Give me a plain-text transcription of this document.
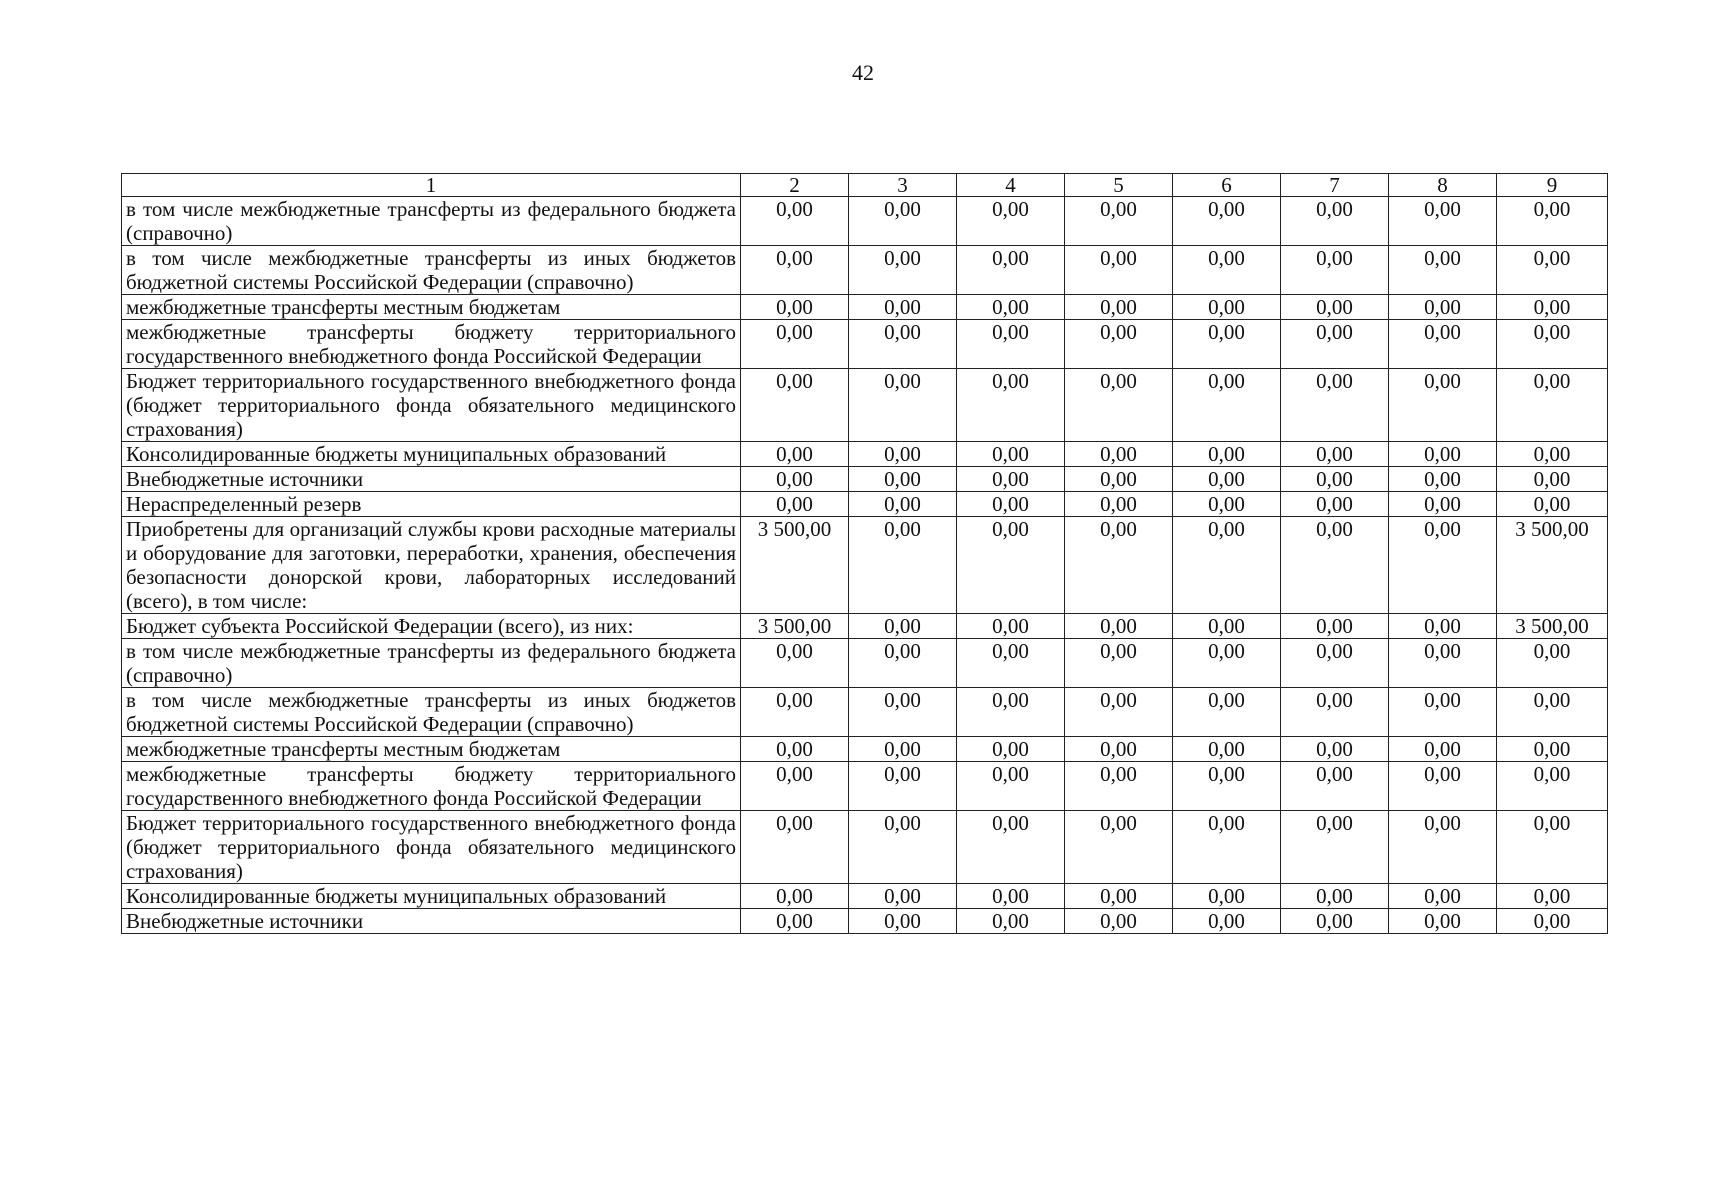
42
1	2	3	4	5	6	7	8	9
в том числе межбюджетные трансферты из федерального бюджета (справочно)	0,00	0,00	0,00	0,00	0,00	0,00	0,00	0,00
в том числе межбюджетные трансферты из иных бюджетов бюджетной системы Российской Федерации (справочно)	0,00	0,00	0,00	0,00	0,00	0,00	0,00	0,00
межбюджетные трансферты местным бюджетам	0,00	0,00	0,00	0,00	0,00	0,00	0,00	0,00
межбюджетные трансферты бюджету территориального государственного внебюджетного фонда Российской Федерации	0,00	0,00	0,00	0,00	0,00	0,00	0,00	0,00
Бюджет территориального государственного внебюджетного фонда (бюджет территориального фонда обязательного медицинского страхования)	0,00	0,00	0,00	0,00	0,00	0,00	0,00	0,00
Консолидированные бюджеты муниципальных образований	0,00	0,00	0,00	0,00	0,00	0,00	0,00	0,00
Внебюджетные источники	0,00	0,00	0,00	0,00	0,00	0,00	0,00	0,00
Нераспределенный резерв	0,00	0,00	0,00	0,00	0,00	0,00	0,00	0,00
Приобретены для организаций службы крови расходные материалы и оборудование для заготовки, переработки, хранения, обеспечения безопасности донорской крови, лабораторных исследований (всего), в том числе:	3 500,00	0,00	0,00	0,00	0,00	0,00	0,00	3 500,00
Бюджет субъекта Российской Федерации (всего), из них:	3 500,00	0,00	0,00	0,00	0,00	0,00	0,00	3 500,00
в том числе межбюджетные трансферты из федерального бюджета (справочно)	0,00	0,00	0,00	0,00	0,00	0,00	0,00	0,00
в том числе межбюджетные трансферты из иных бюджетов бюджетной системы Российской Федерации (справочно)	0,00	0,00	0,00	0,00	0,00	0,00	0,00	0,00
межбюджетные трансферты местным бюджетам	0,00	0,00	0,00	0,00	0,00	0,00	0,00	0,00
межбюджетные трансферты бюджету территориального государственного внебюджетного фонда Российской Федерации	0,00	0,00	0,00	0,00	0,00	0,00	0,00	0,00
Бюджет территориального государственного внебюджетного фонда (бюджет территориального фонда обязательного медицинского страхования)	0,00	0,00	0,00	0,00	0,00	0,00	0,00	0,00
Консолидированные бюджеты муниципальных образований	0,00	0,00	0,00	0,00	0,00	0,00	0,00	0,00
Внебюджетные источники	0,00	0,00	0,00	0,00	0,00	0,00	0,00	0,00
